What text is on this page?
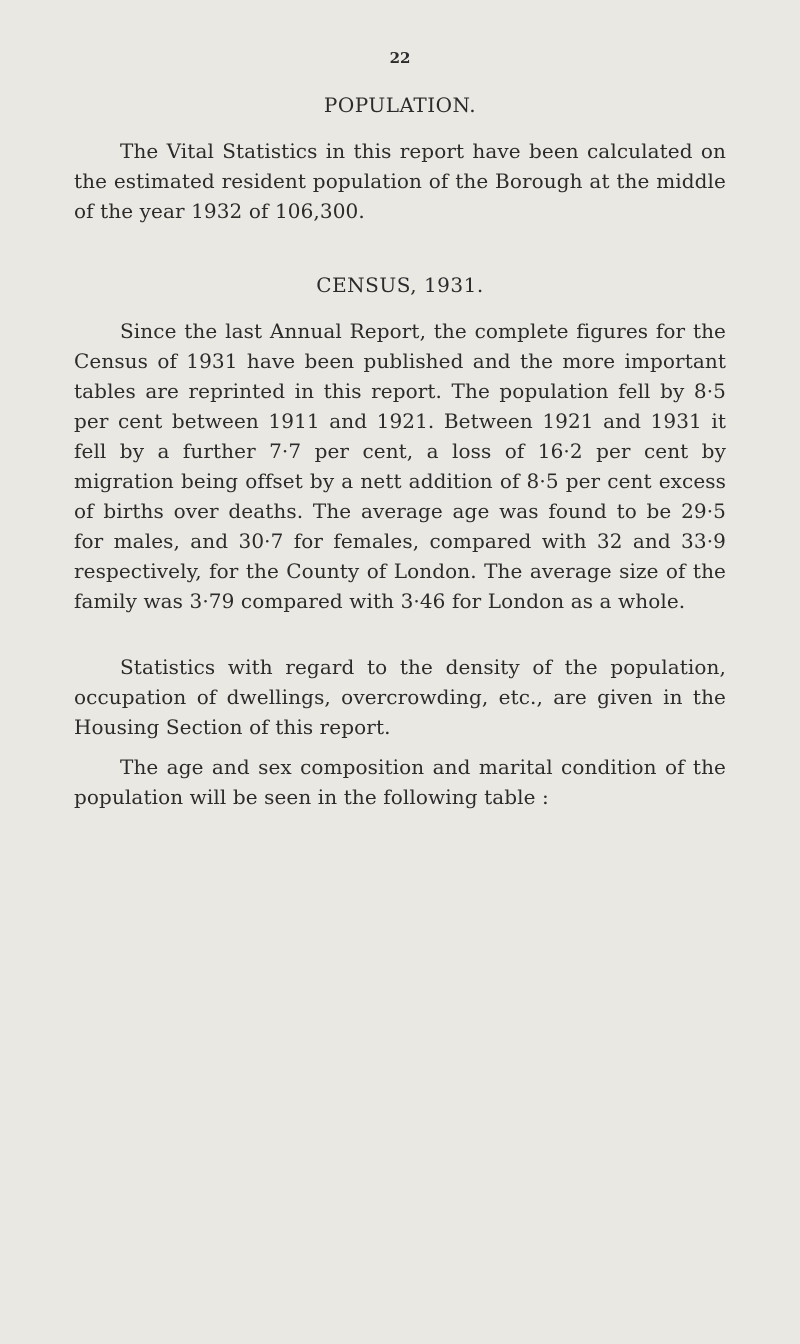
22
POPULATION.

The Vital Statistics in this report have been calculated on the estimated resident population of the Borough at the middle of the year 1932 of 106,300.

CENSUS, 1931.

Since the last Annual Report, the complete figures for the Census of 1931 have been published and the more important tables are reprinted in this report. The population fell by 8·5 per cent between 1911 and 1921. Between 1921 and 1931 it fell by a further 7·7 per cent, a loss of 16·2 per cent by migration being offset by a nett addition of 8·5 per cent excess of births over deaths. The average age was found to be 29·5 for males, and 30·7 for females, compared with 32 and 33·9 respectively, for the County of London. The average size of the family was 3·79 compared with 3·46 for London as a whole.

Statistics with regard to the density of the population, occupation of dwellings, overcrowding, etc., are given in the Housing Section of this report.

The age and sex composition and marital condition of the population will be seen in the following table :
